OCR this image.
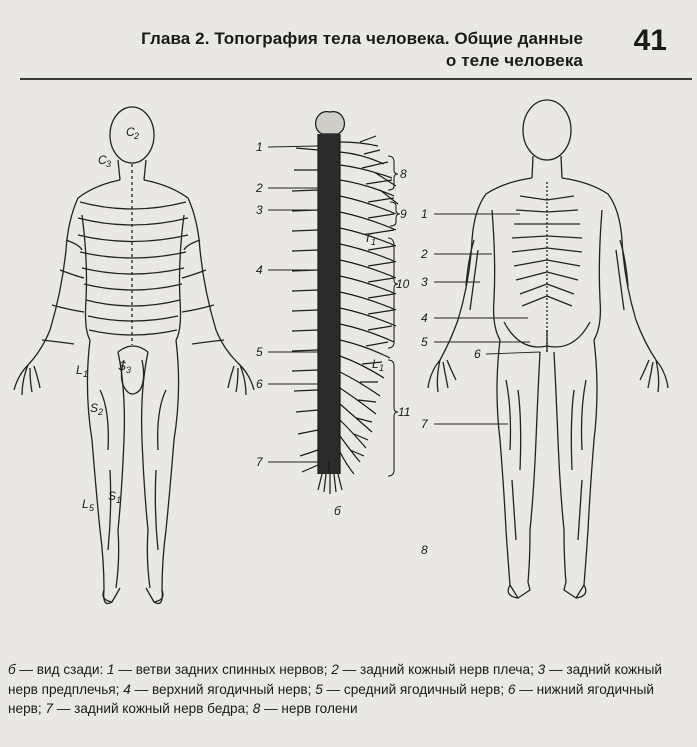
Глава 2. Топография тела человека. Общие данные
о теле человека
41
C 2
C 3
L 1
S 3
S 2
L 5
S 1
1
2
3
4
5
6
7
8
9
10
11
T 1
L 1
б
1
2
3
4
5
6
7
8
б — вид сзади: 1 — ветви задних спинных нервов; 2 — задний кожный нерв плеча; 3 — задний кожный нерв предплечья; 4 — верхний ягодичный нерв; 5 — средний ягодичный нерв; 6 — нижний ягодичный нерв; 7 — задний кожный нерв бедра; 8 — нерв голени
